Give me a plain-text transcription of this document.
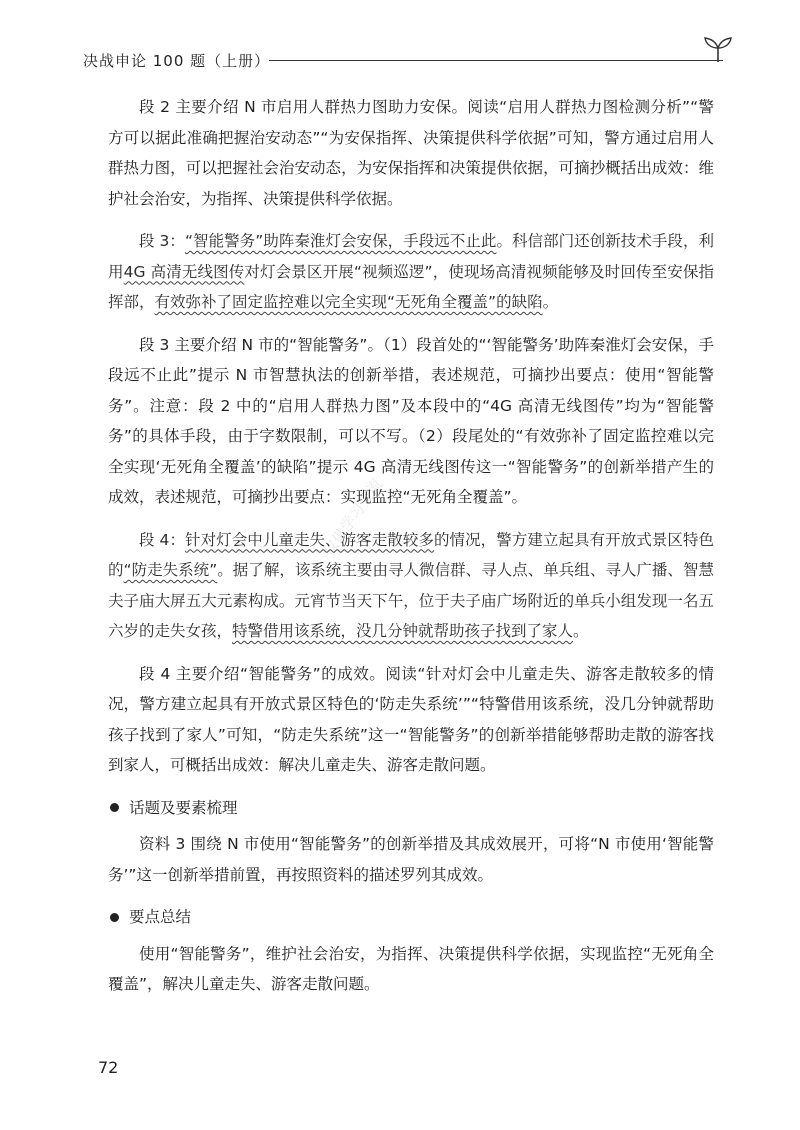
决战申论 100 题（上册）
仅供学习交流

段 2 主要介绍 N 市启用人群热力图助力安保。阅读“启用人群热力图检测分析”“警方可以据此准确把握治安动态”“为安保指挥、决策提供科学依据”可知，警方通过启用人群热力图，可以把握社会治安动态，为安保指挥和决策提供依据，可摘抄概括出成效：维护社会治安，为指挥、决策提供科学依据。

段 3：“智能警务”助阵秦淮灯会安保，手段远不止此。科信部门还创新技术手段，利用4G 高清无线图传对灯会景区开展“视频巡逻”，使现场高清视频能够及时回传至安保指挥部，有效弥补了固定监控难以完全实现“无死角全覆盖”的缺陷。

段 3 主要介绍 N 市的“智能警务”。（1）段首处的“‘智能警务’助阵秦淮灯会安保，手段远不止此”提示 N 市智慧执法的创新举措，表述规范，可摘抄出要点：使用“智能警务”。注意：段 2 中的“启用人群热力图”及本段中的“4G 高清无线图传”均为“智能警务”的具体手段，由于字数限制，可以不写。（2）段尾处的“有效弥补了固定监控难以完全实现‘无死角全覆盖’的缺陷”提示 4G 高清无线图传这一“智能警务”的创新举措产生的成效，表述规范，可摘抄出要点：实现监控“无死角全覆盖”。

段 4：针对灯会中儿童走失、游客走散较多的情况，警方建立起具有开放式景区特色的“防走失系统”。据了解，该系统主要由寻人微信群、寻人点、单兵组、寻人广播、智慧夫子庙大屏五大元素构成。元宵节当天下午，位于夫子庙广场附近的单兵小组发现一名五六岁的走失女孩，特警借用该系统，没几分钟就帮助孩子找到了家人。

段 4 主要介绍“智能警务”的成效。阅读“针对灯会中儿童走失、游客走散较多的情况，警方建立起具有开放式景区特色的‘防走失系统’”“特警借用该系统，没几分钟就帮助孩子找到了家人”可知，“防走失系统”这一“智能警务”的创新举措能够帮助走散的游客找到家人，可概括出成效：解决儿童走失、游客走散问题。

话题及要素梳理

资料 3 围绕 N 市使用“智能警务”的创新举措及其成效展开，可将“N 市使用‘智能警务’”这一创新举措前置，再按照资料的描述罗列其成效。

要点总结

使用“智能警务”，维护社会治安，为指挥、决策提供科学依据，实现监控“无死角全覆盖”，解决儿童走失、游客走散问题。

72
